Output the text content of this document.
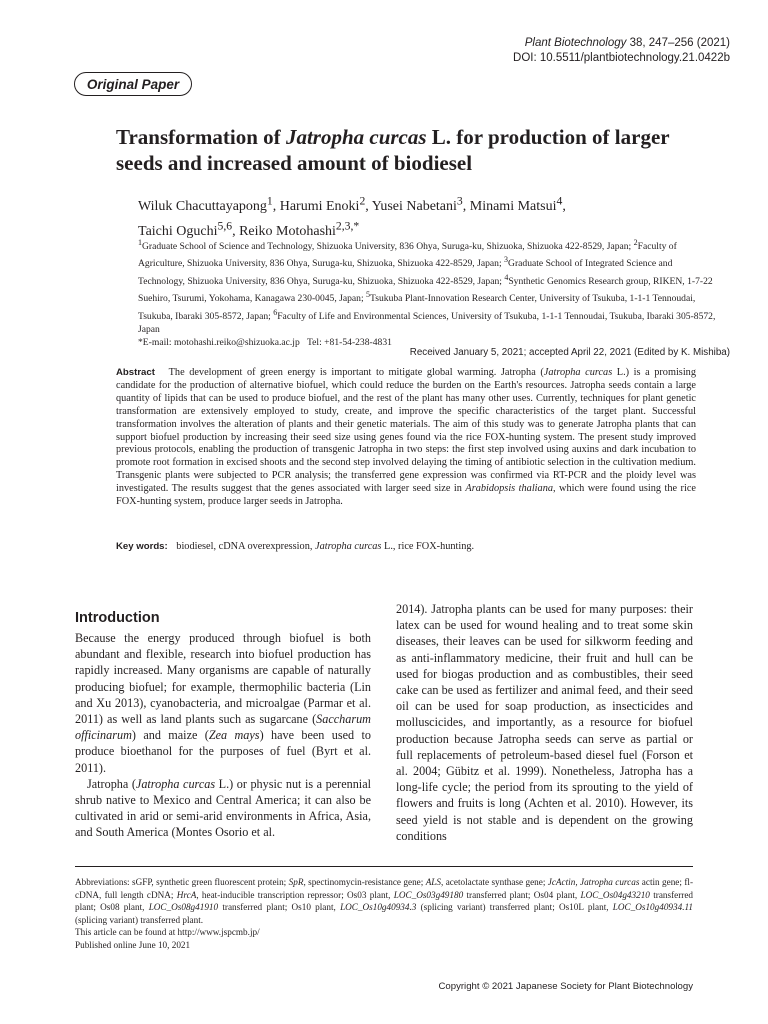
Plant Biotechnology 38, 247–256 (2021)
DOI: 10.5511/plantbiotechnology.21.0422b
Original Paper
Transformation of Jatropha curcas L. for production of larger seeds and increased amount of biodiesel
Wiluk Chacuttayapong$^1$, Harumi Enoki$^2$, Yusei Nabetani$^3$, Minami Matsui$^4$,
Taichi Oguchi$^{5,6}$, Reiko Motohashi$^{2,3,*}$

$^1$Graduate School of Science and Technology, Shizuoka University, 836 Ohya, Suruga-ku, Shizuoka, Shizuoka 422-8529, Japan; $^2$Faculty of Agriculture, Shizuoka University, 836 Ohya, Suruga-ku, Shizuoka, Shizuoka 422-8529, Japan; $^3$Graduate School of Integrated Science and Technology, Shizuoka University, 836 Ohya, Suruga-ku, Shizuoka, Shizuoka 422-8529, Japan; $^4$Synthetic Genomics Research group, RIKEN, 1-7-22 Suehiro, Tsurumi, Yokohama, Kanagawa 230-0045, Japan; $^5$Tsukuba Plant-Innovation Research Center, University of Tsukuba, 1-1-1 Tennoudai, Tsukuba, Ibaraki 305-8572, Japan; $^6$Faculty of Life and Environmental Sciences, University of Tsukuba, 1-1-1 Tennoudai, Tsukuba, Ibaraki 305-8572, Japan

*E-mail: motohashi.reiko@shizuoka.ac.jp Tel: +81-54-238-4831

Received January 5, 2021; accepted April 22, 2021 (Edited by K. Mishiba)
Abstract The development of green energy is important to mitigate global warming. Jatropha (Jatropha curcas L.) is a promising candidate for the production of alternative biofuel, which could reduce the burden on the Earth's resources. Jatropha seeds contain a large quantity of lipids that can be used to produce biofuel, and the rest of the plant has many other uses. Currently, techniques for plant genetic transformation are extensively employed to study, create, and improve the specific characteristics of the target plant. Successful transformation involves the alteration of plants and their genetic materials. The aim of this study was to generate Jatropha plants that can support biofuel production by increasing their seed size using genes found via the rice FOX-hunting system. The present study improved previous protocols, enabling the production of transgenic Jatropha in two steps: the first step involved using auxins and dark incubation to promote root formation in excised shoots and the second step involved delaying the timing of antibiotic selection in the cultivation medium. Transgenic plants were subjected to PCR analysis; the transferred gene expression was confirmed via RT-PCR and the ploidy level was investigated. The results suggest that the genes associated with larger seed size in Arabidopsis thaliana, which were found using the rice FOX-hunting system, produce larger seeds in Jatropha.
Key words: biodiesel, cDNA overexpression, Jatropha curcas L., rice FOX-hunting.
Introduction

Because the energy produced through biofuel is both abundant and flexible, research into biofuel production has rapidly increased. Many organisms are capable of naturally producing biofuel; for example, thermophilic bacteria (Lin and Xu 2013), cyanobacteria, and microalgae (Parmar et al. 2011) as well as land plants such as sugarcane (Saccharum officinarum) and maize (Zea mays) have been used to produce bioethanol for the purposes of fuel (Byrt et al. 2011).

Jatropha (Jatropha curcas L.) or physic nut is a perennial shrub native to Mexico and Central America; it can also be cultivated in arid or semi-arid environments in Africa, Asia, and South America (Montes Osorio et al.

2014). Jatropha plants can be used for many purposes: their latex can be used for wound healing and to treat some skin diseases, their leaves can be used for silkworm feeding and as anti-inflammatory medicine, their fruit and hull can be used for biogas production and as combustibles, their seed cake can be used as fertilizer and animal feed, and their seed oil can be used for soap production, as insecticides and molluscicides, and importantly, as a resource for biofuel production because Jatropha seeds can serve as partial or full replacements of petroleum-based diesel fuel (Forson et al. 2004; Gübitz et al. 1999). Nonetheless, Jatropha has a long-life cycle; the period from its sprouting to the yield of flowers and fruits is long (Achten et al. 2010). However, its seed yield is not stable and is dependent on the growing conditions

Abbreviations: sGFP, synthetic green fluorescent protein; SpR, spectinomycin-resistance gene; ALS, acetolactate synthase gene; JcActin, Jatropha curcas actin gene; fl-cDNA, full length cDNA; HrcA, heat-inducible transcription repressor; Os03 plant, LOC_Os03g49180 transferred plant; Os04 plant, LOC_Os04g43210 transferred plant; Os08 plant, LOC_Os08g41910 transferred plant; Os10 plant, LOC_Os10g40934.3 (splicing variant) transferred plant; Os10L plant, LOC_Os10g40934.11 (splicing variant) transferred plant.

This article can be found at http://www.jspcmb.jp/

Published online June 10, 2021

Copyright © 2021 Japanese Society for Plant Biotechnology
